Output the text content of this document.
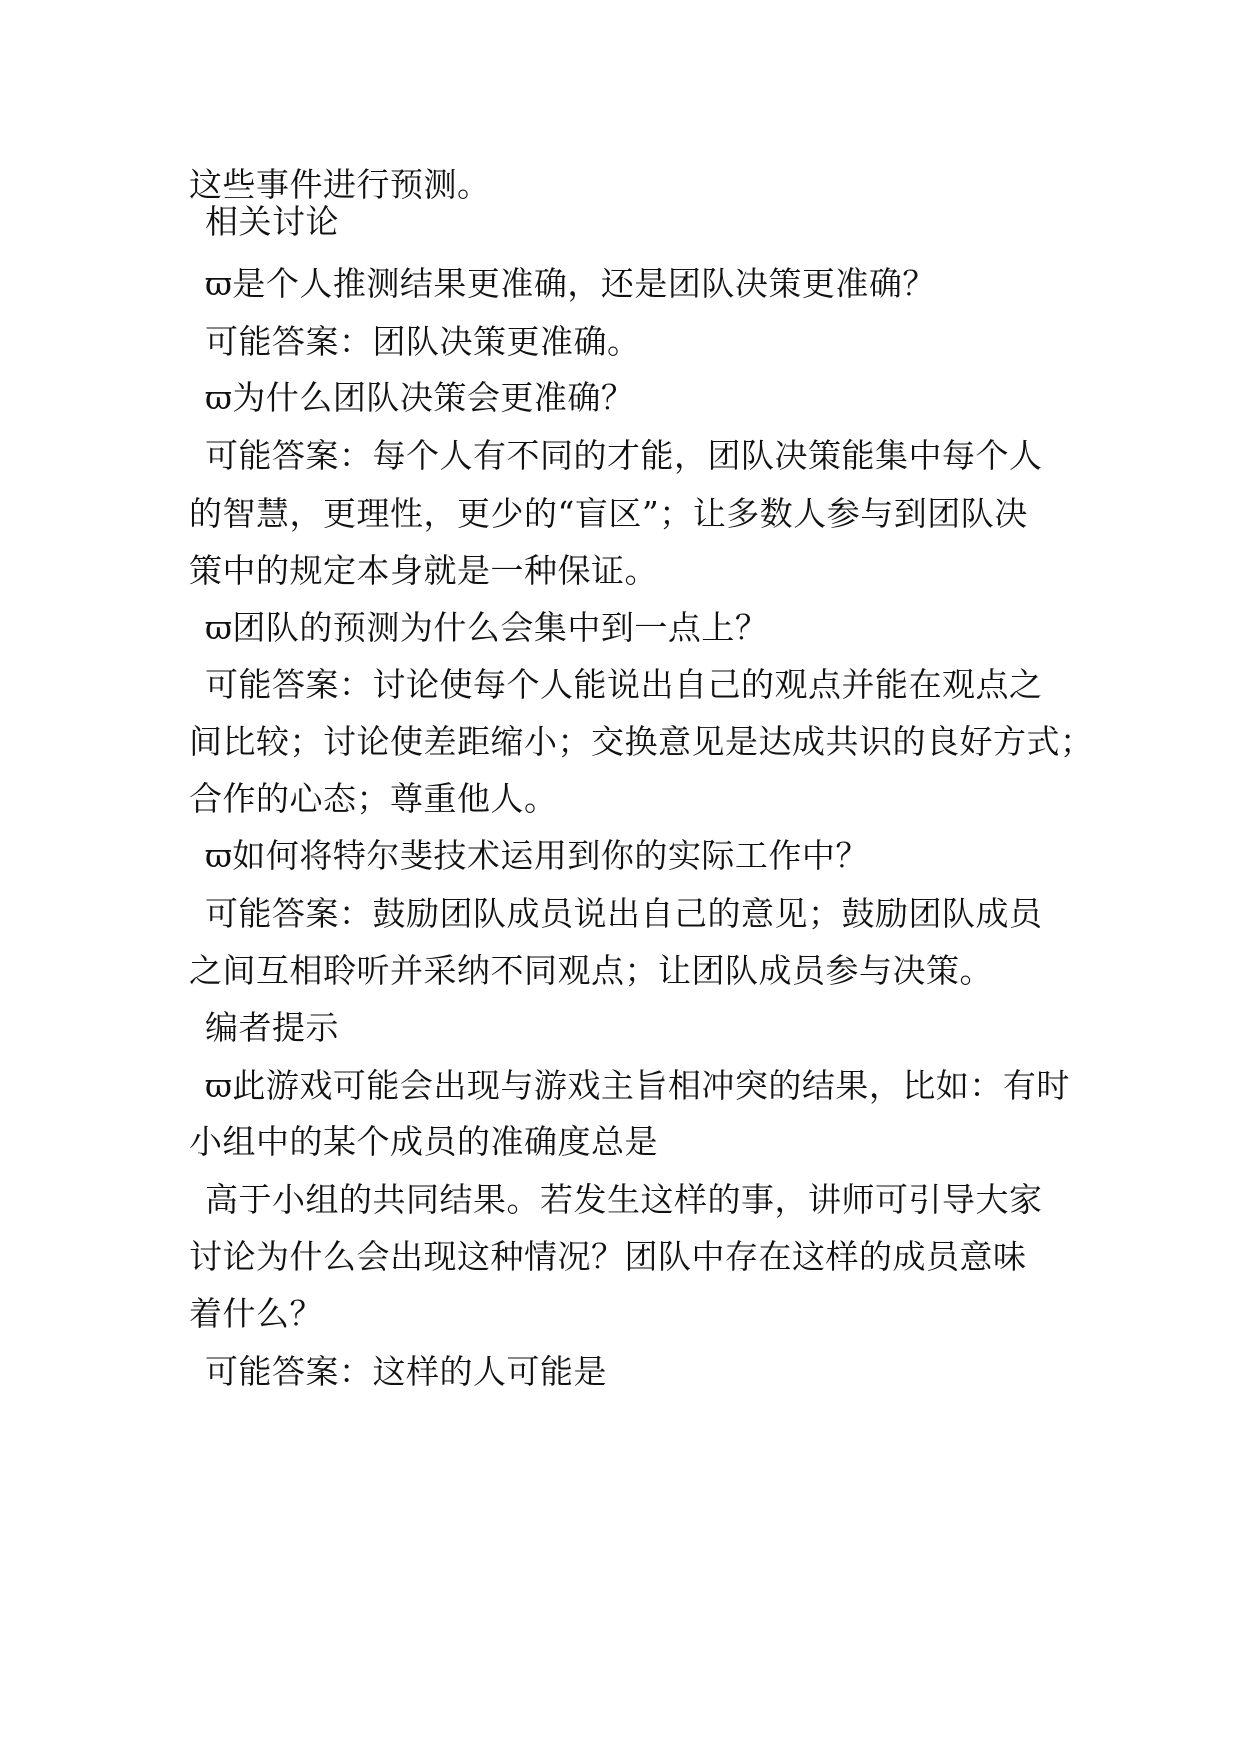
这些事件进行预测。
相关讨论
ϖ是个人推测结果更准确，还是团队决策更准确？
可能答案：团队决策更准确。
ϖ为什么团队决策会更准确？
可能答案：每个人有不同的才能，团队决策能集中每个人
的智慧，更理性，更少的“盲区”；让多数人参与到团队决
策中的规定本身就是一种保证。
ϖ团队的预测为什么会集中到一点上？
可能答案：讨论使每个人能说出自己的观点并能在观点之
间比较；讨论使差距缩小；交换意见是达成共识的良好方式；
合作的心态；尊重他人。
ϖ如何将特尔斐技术运用到你的实际工作中？
可能答案：鼓励团队成员说出自己的意见；鼓励团队成员
之间互相聆听并采纳不同观点；让团队成员参与决策。
编者提示
ϖ此游戏可能会出现与游戏主旨相冲突的结果，比如：有时
小组中的某个成员的准确度总是
高于小组的共同结果。若发生这样的事，讲师可引导大家
讨论为什么会出现这种情况？团队中存在这样的成员意味
着什么？
可能答案：这样的人可能是
